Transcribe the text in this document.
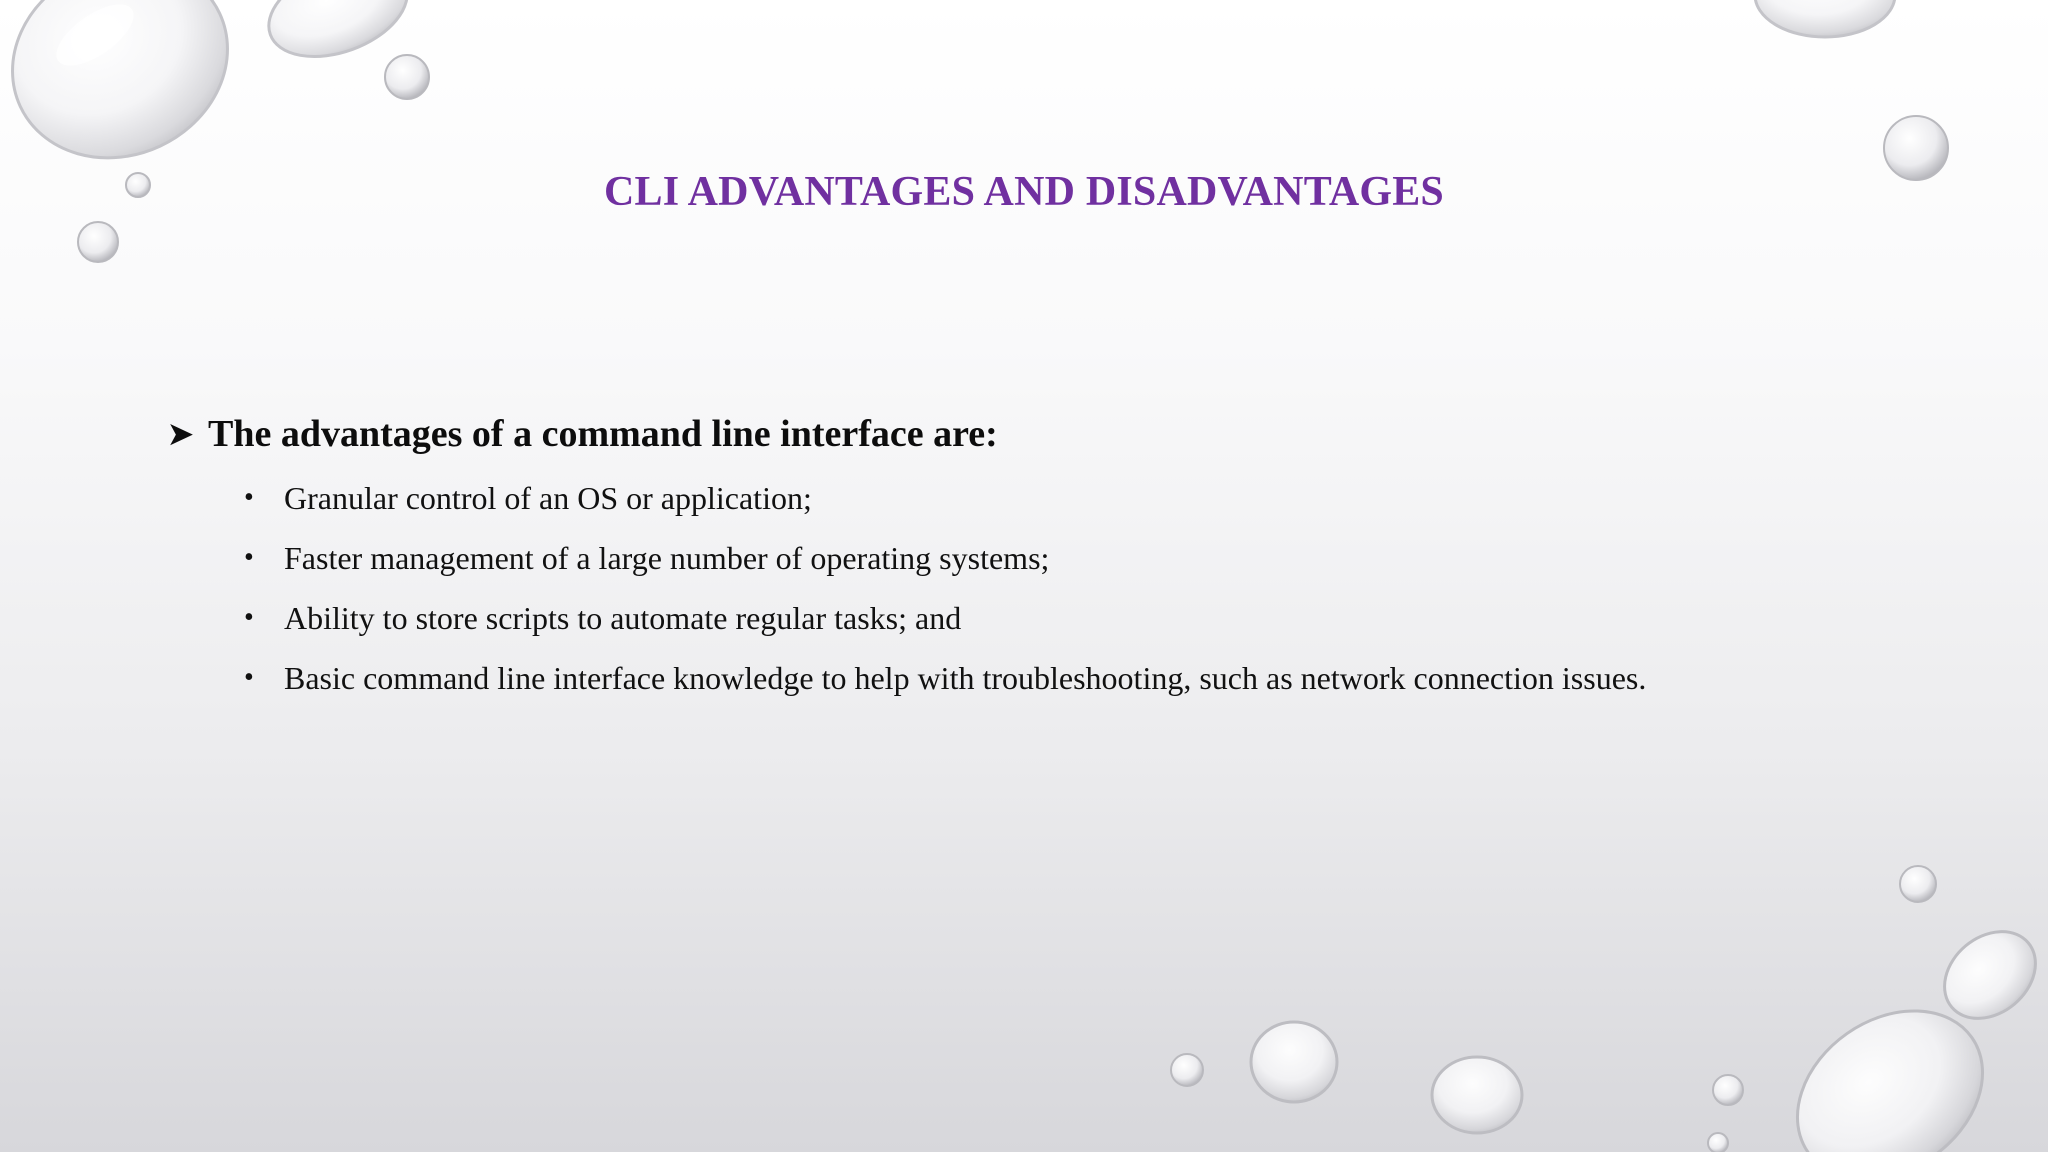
CLI ADVANTAGES AND DISADVANTAGES
➤ The advantages of a command line interface are:
• Granular control of an OS or application;
• Faster management of a large number of operating systems;
• Ability to store scripts to automate regular tasks; and
• Basic command line interface knowledge to help with troubleshooting, such as network connection issues.
